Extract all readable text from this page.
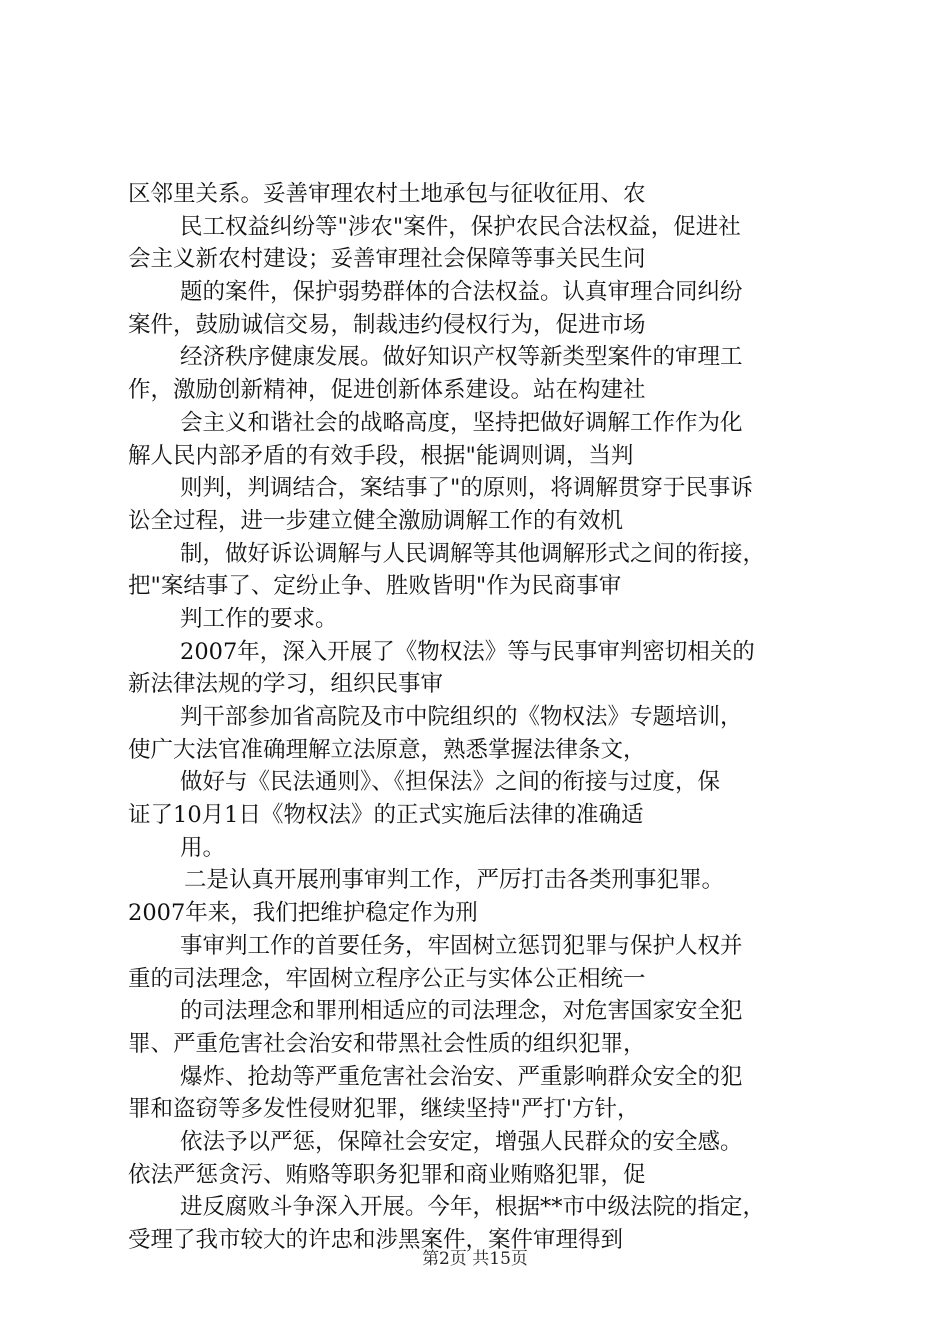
区邻里关系。妥善审理农村土地承包与征收征用、农
民工权益纠纷等"涉农"案件，保护农民合法权益，促进社
会主义新农村建设；妥善审理社会保障等事关民生问
题的案件，保护弱势群体的合法权益。认真审理合同纠纷
案件，鼓励诚信交易，制裁违约侵权行为，促进市场
经济秩序健康发展。做好知识产权等新类型案件的审理工
作，激励创新精神，促进创新体系建设。站在构建社
会主义和谐社会的战略高度，坚持把做好调解工作作为化
解人民内部矛盾的有效手段，根据"能调则调，当判
则判，判调结合，案结事了"的原则，将调解贯穿于民事诉
讼全过程，进一步建立健全激励调解工作的有效机
制，做好诉讼调解与人民调解等其他调解形式之间的衔接，
把"案结事了、定纷止争、胜败皆明"作为民商事审
判工作的要求。
2007年，深入开展了《物权法》等与民事审判密切相关的
新法律法规的学习，组织民事审
判干部参加省高院及市中院组织的《物权法》专题培训，
使广大法官准确理解立法原意，熟悉掌握法律条文，
做好与《民法通则》、《担保法》之间的衔接与过度，保
证了10月1日《物权法》的正式实施后法律的准确适
用。
二是认真开展刑事审判工作，严厉打击各类刑事犯罪。
2007年来，我们把维护稳定作为刑
事审判工作的首要任务，牢固树立惩罚犯罪与保护人权并
重的司法理念，牢固树立程序公正与实体公正相统一
的司法理念和罪刑相适应的司法理念，对危害国家安全犯
罪、严重危害社会治安和带黑社会性质的组织犯罪，
爆炸、抢劫等严重危害社会治安、严重影响群众安全的犯
罪和盗窃等多发性侵财犯罪，继续坚持"严打'方针，
依法予以严惩，保障社会安定，增强人民群众的安全感。
依法严惩贪污、贿赂等职务犯罪和商业贿赂犯罪，促
进反腐败斗争深入开展。今年，根据**市中级法院的指定，
受理了我市较大的许忠和涉黑案件，案件审理得到
第2页 共15页
